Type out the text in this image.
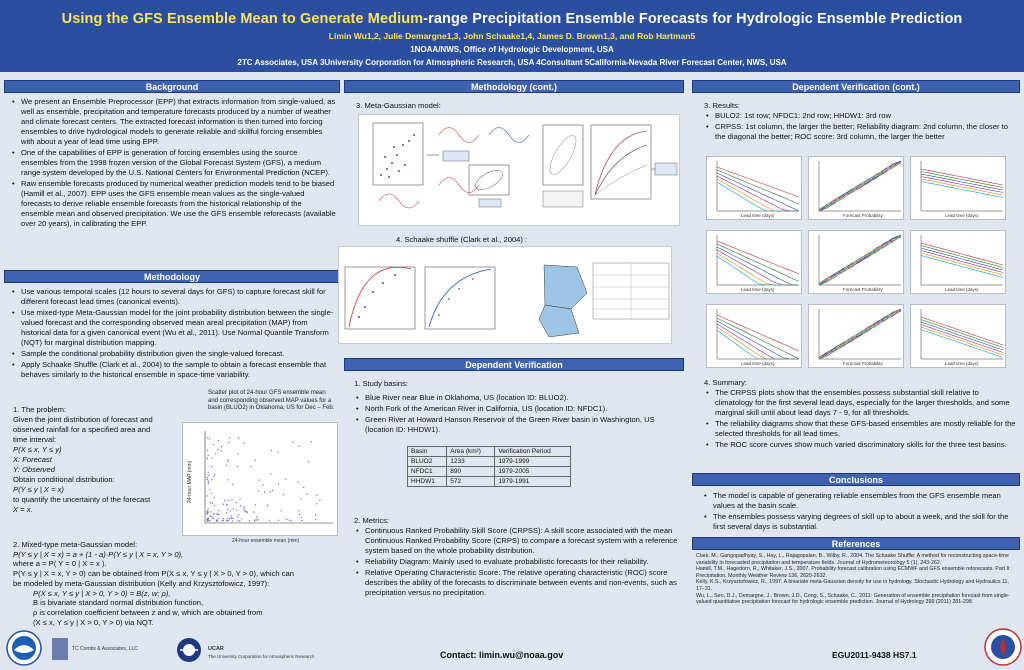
Using the GFS Ensemble Mean to Generate Medium-range Precipitation Ensemble Forecasts for Hydrologic Ensemble Prediction
Limin Wu1,2, Julie Demargne1,3, John Schaake1,4, James D. Brown1,3, and Rob Hartman5
1NOAA/NWS, Office of Hydrologic Development, USA
2TC Associates, USA 3University Corporation for Atmospheric Research, USA 4Consultant 5California-Nevada River Forecast Center, NWS, USA
Background
• We present an Ensemble Preprocessor (EPP) that extracts information from single-valued, as well as ensemble, precipitation and temperature forecasts produced by a number of weather and climate forecast centers. The extracted forecast information is then turned into forcing ensembles to drive hydrological models to generate reliable and skillful forcing ensembles with about a year of lead time using EPP.
• One of the capabilities of EPP is generation of forcing ensembles using the source ensembles from the 1998 frozen version of the Global Forecast System (GFS), a medium range system developed by the U.S. National Centers for Environmental Prediction (NCEP).
• Raw ensemble forecasts produced by numerical weather prediction models tend to be biased (Hamill et al., 2007). EPP uses the GFS ensemble mean values as the single-valued forecasts to derive reliable ensemble forecasts from the historical relationship of the ensemble mean and observed precipitation. We use the GFS ensemble reforecasts (available over 20 years), in calibrating the EPP.
Methodology
• Use various temporal scales (12 hours to several days for GFS) to capture forecast skill for different forecast lead times (canonical events).
• Use mixed-type Meta-Gaussian model for the joint probability distribution between the single-valued forecast and the corresponding observed mean areal precipitation (MAP) from historical data for a given canonical event (Wu et al., 2011). Use Normal Quantile Transform (NQT) for marginal distribution mapping.
• Sample the conditional probability distribution given the single-valued forecast.
• Apply Schaake Shuffle (Clark et al., 2004) to the sample to obtain a forecast ensemble that behaves similarly to the historical ensemble in space-time variability.
1. The problem:
Given the joint distribution of forecast and
observed rainfall for a specified area and
time interval:
P(X ≤ x, Y ≤ y)
X: Forecast
Y: Observed
Obtain conditional distribution:
P(Y ≤ y | X = x)
to quantify the uncertainty of the forecast
X = x.
Scatter plot of 24-hour GFS ensemble mean and corresponding observed MAP values for a basin (BLUO2) in Oklahoma, US for Dec – Feb.
24-hour MAP (mm)
24-hour ensemble mean (mm)
2. Mixed-type meta-Gaussian model:
P(Y ≤ y | X = x) = a + (1 - a)·P(Y ≤ y | X = x, Y > 0),
where a = P( Y = 0 | X = x ).
P(Y ≤ y | X = x, Y > 0) can be obtained from P(X ≤ x, Y ≤ y | X > 0, Y > 0), which can
be modeled by meta-Gaussian distribution (Kelly and Krzysztofowicz, 1997):
P(X ≤ x, Y ≤ y | X > 0, Y > 0) = B(z, w; ρ),
B is bivariate standard normal distribution function,
ρ is correlation coefficient between z and w, which are obtained from
(X ≤ x, Y ≤ y | X > 0, Y > 0) via NQT.
Methodology (cont.)
3. Meta-Gaussian model:
4. Schaake shuffle (Clark et al., 2004) :
Dependent Verification
1. Study basins:
• Blue River near Blue in Oklahoma, US (location ID: BLUO2).
• North Fork of the American River in California, US (location ID: NFDC1).
• Green River at Howard Hanson Reservoir of the Green River basin in Washington, US (location ID: HHDW1).
Basin	Area (km²)	Verification Period
BLUO2	1233	1979-1999
NFDC1	890	1979-2005
HHDW1	572	1979-1991
2. Metrics:
• Continuous Ranked Probability Skill Score (CRPSS): A skill score associated with the mean Continuous Ranked Probability Score (CRPS) to compare a forecast system with a reference system based on the whole probability distribution.
• Reliability Diagram: Mainly used to evaluate probabilistic forecasts for their reliability.
• Relative Operating Characteristic Score: The relative operating characteristic (ROC) score describes the ability of the forecasts to discriminate between events and non-events, such as precipitation versus no precipitation.
Dependent Verification (cont.)
3. Results:
• BULO2: 1st row; NFDC1: 2nd row; HHDW1: 3rd row
• CRPSS: 1st column, the larger the better; Reliability diagram: 2nd column, the closer to the diagonal the better; ROC score: 3rd column, the larger the better
Lead time (days)	Forecast Probability	Lead time (days)
Lead time (days)	Forecast Probability	Lead time (days)
Lead time (days)	Forecast Probability	Lead time (days)
4. Summary:
• The CRPSS plots show that the ensembles possess substantial skill relative to climatology for the first several lead days, especially for the larger thresholds, and some marginal skill until about lead days 7 - 9, for all thresholds.
• The reliability diagrams show that these GFS-based ensembles are mostly reliable for the selected thresholds for all lead times.
• The ROC score curves show much varied discriminatory skills for the three test basins.
Conclusions
• The model is capable of generating reliable ensembles from the GFS ensemble mean values at the basin scale.
• The ensembles possess varying degrees of skill up to about a week, and the skill for the first several days is substantial.
References
Clark, M., Gangopadhyay, S., Hay, L., Rajagopalan, B., Wilby, R., 2004. The Schaake Shuffle: A method for reconstructing space-time variability in forecasted precipitation and temperature fields. Journal of Hydrometeorology 5 (1), 243-262.
Hamill, T.M., Hagedorn, R., Whitaker, J.S., 2007. Probability forecast calibration using ECMWF and GFS ensemble reforecasts. Part II: Precipitation. Monthly Weather Review 136, 2620-2632.
Kelly, K.S., Krzysztofowicz, R., 1997. A bivariate meta-Gaussian density for use in hydrology. Stochastic Hydrology and Hydraulics 11, 17–31.
Wu, L., Seo, D.J., Demargne, J., Brown, J.D., Cong, S., Schaake, C., 2011: Generation of ensemble precipitation forecast from single-valued quantitative precipitation forecast for hydrologic ensemble prediction. Journal of Hydrology 399 (2011) 281-298.
TC Combs & Associates, LLC	UCAR
The University Corporation for Atmospheric Research	Contact: limin.wu@noaa.gov	EGU2011-9438 HS7.1
